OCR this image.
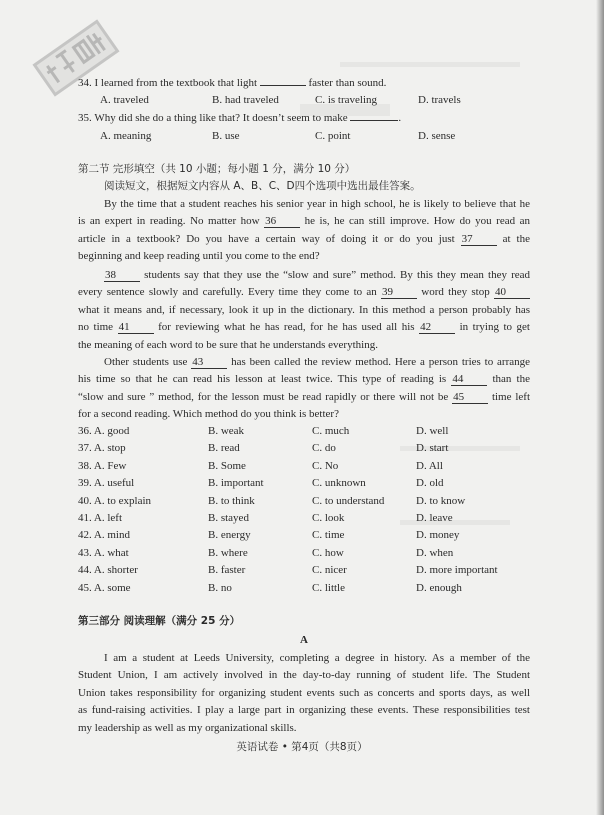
34. I learned from the textbook that light	faster than sound.
A. traveled	B. had traveled	C. is traveling	D. travels
35. Why did she do a thing like that? It doesn’t seem to make	.
A. meaning	B. use	C. point	D. sense
第二节 完形填空（共 10 小题；每小题 1 分，满分 10 分）
阅读短文，根据短文内容从 A、B、C、D四个选项中选出最佳答案。
By the time that a student reaches his senior year in high school, he is likely to believe that he
is an expert in reading. No matter how 36 he is, he can still improve. How do you read an
article in a textbook? Do you have a certain way of doing it or do you just 37 at the
beginning and keep reading until you come to the end?
38 students say that they use the “slow and sure” method. By this they mean they read
every sentence slowly and carefully. Every time they come to an 39 word they stop 40
what it means and, if necessary, look it up in the dictionary. In this method a person probably has
no time 41 for reviewing what he has read, for he has used all his 42 in trying to get
the meaning of each word to be sure that he understands everything.
Other students use 43 has been called the review method. Here a person tries to arrange
his time so that he can read his lesson at least twice. This type of reading is 44 than the
“slow and sure ” method, for the lesson must be read rapidly or there will not be 45 time left
for a second reading. Which method do you think is better?
36. A. good	B. weak	C. much	D. well
37. A. stop	B. read	C. do	D. start
38. A. Few	B. Some	C. No	D. All
39. A. useful	B. important	C. unknown	D. old
40. A. to explain	B. to think	C. to understand	D. to know
41. A. left	B. stayed	C. look	D. leave
42. A. mind	B. energy	C. time	D. money
43. A. what	B. where	C. how	D. when
44. A. shorter	B. faster	C. nicer	D. more important
45. A. some	B. no	C. little	D. enough
第三部分 阅读理解（满分 25 分）
A
I am a student at Leeds University, completing a degree in history. As a member of the
Student Union, I am actively involved in the day-to-day running of student life. The Student
Union takes responsibility for organizing student events such as concerts and sports days, as well
as fund-raising activities. I play a large part in organizing these events. These responsibilities test
my leadership as well as my organizational skills.
英语试卷 • 第4页（共8页）
